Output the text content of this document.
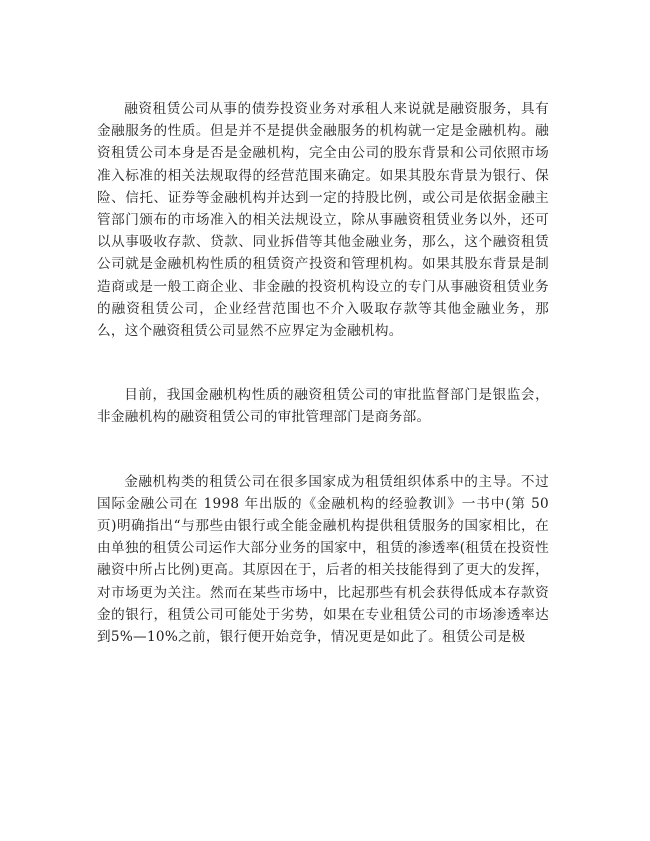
融资租赁公司从事的债券投资业务对承租人来说就是融资服务，具有金融服务的性质。但是并不是提供金融服务的机构就一定是金融机构。融资租赁公司本身是否是金融机构，完全由公司的股东背景和公司依照市场准入标准的相关法规取得的经营范围来确定。如果其股东背景为银行、保险、信托、证券等金融机构并达到一定的持股比例，或公司是依据金融主管部门颁布的市场准入的相关法规设立，除从事融资租赁业务以外，还可以从事吸收存款、贷款、同业拆借等其他金融业务，那么，这个融资租赁公司就是金融机构性质的租赁资产投资和管理机构。如果其股东背景是制造商或是一般工商企业、非金融的投资机构设立的专门从事融资租赁业务的融资租赁公司，企业经营范围也不介入吸取存款等其他金融业务，那么，这个融资租赁公司显然不应界定为金融机构。

目前，我国金融机构性质的融资租赁公司的审批监督部门是银监会，非金融机构的融资租赁公司的审批管理部门是商务部。

金融机构类的租赁公司在很多国家成为租赁组织体系中的主导。不过国际金融公司在 1998 年出版的《金融机构的经验教训》一书中(第 50 页)明确指出“与那些由银行或全能金融机构提供租赁服务的国家相比，在由单独的租赁公司运作大部分业务的国家中，租赁的渗透率(租赁在投资性融资中所占比例)更高。其原因在于，后者的相关技能得到了更大的发挥，对市场更为关注。然而在某些市场中，比起那些有机会获得低成本存款资金的银行，租赁公司可能处于劣势，如果在专业租赁公司的市场渗透率达到5%—10%之前，银行便开始竞争，情况更是如此了。租赁公司是极
